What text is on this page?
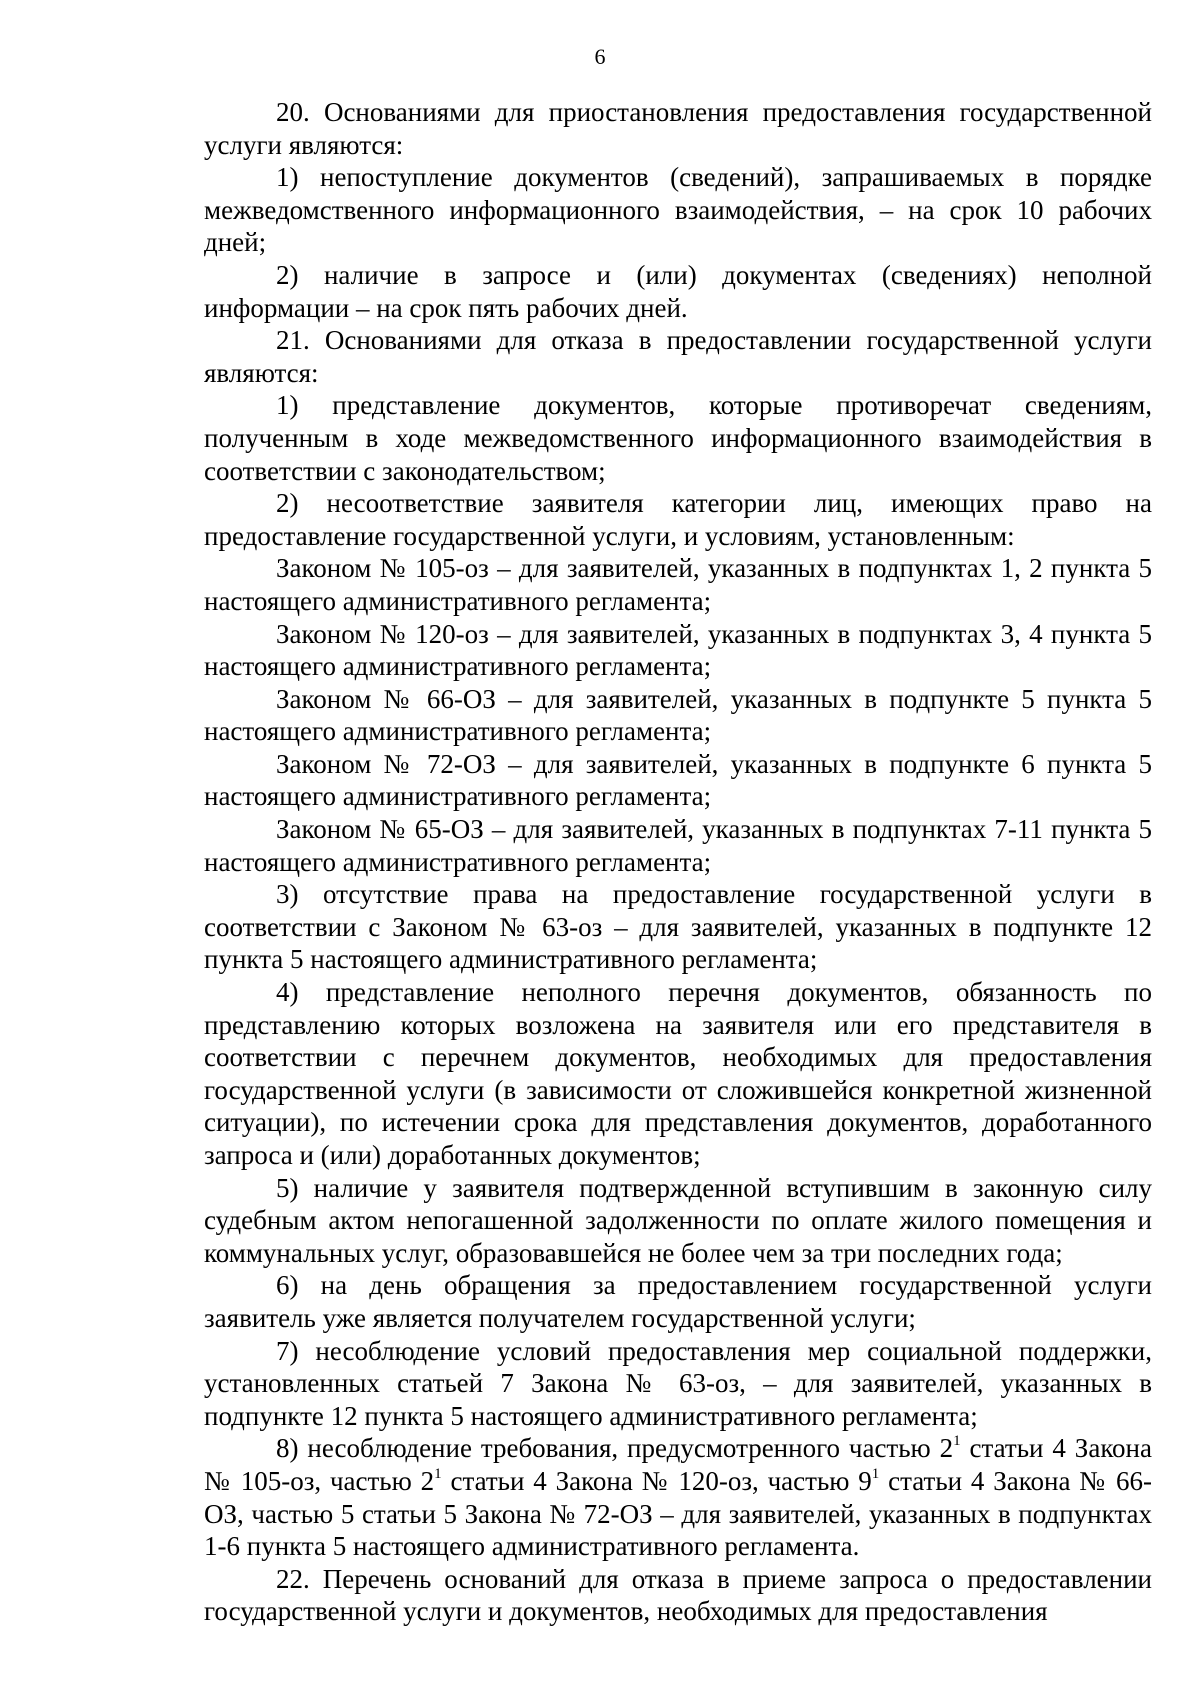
6

20. Основаниями для приостановления предоставления государственной услуги являются:

1) непоступление документов (сведений), запрашиваемых в порядке межведомственного информационного взаимодействия, – на срок 10 рабочих дней;

2) наличие в запросе и (или) документах (сведениях) неполной информации – на срок пять рабочих дней.

21. Основаниями для отказа в предоставлении государственной услуги являются:

1) представление документов, которые противоречат сведениям, полученным в ходе межведомственного информационного взаимодействия в соответствии с законодательством;

2) несоответствие заявителя категории лиц, имеющих право на предоставление государственной услуги, и условиям, установленным:

Законом № 105-оз – для заявителей, указанных в подпунктах 1, 2 пункта 5 настоящего административного регламента;

Законом № 120-оз – для заявителей, указанных в подпунктах 3, 4 пункта 5 настоящего административного регламента;

Законом № 66-ОЗ – для заявителей, указанных в подпункте 5 пункта 5 настоящего административного регламента;

Законом № 72-ОЗ – для заявителей, указанных в подпункте 6 пункта 5 настоящего административного регламента;

Законом № 65-ОЗ – для заявителей, указанных в подпунктах 7-11 пункта 5 настоящего административного регламента;

3) отсутствие права на предоставление государственной услуги в соответствии с Законом № 63-оз – для заявителей, указанных в подпункте 12 пункта 5 настоящего административного регламента;

4) представление неполного перечня документов, обязанность по представлению которых возложена на заявителя или его представителя в соответствии с перечнем документов, необходимых для предоставления государственной услуги (в зависимости от сложившейся конкретной жизненной ситуации), по истечении срока для представления документов, доработанного запроса и (или) доработанных документов;

5) наличие у заявителя подтвержденной вступившим в законную силу судебным актом непогашенной задолженности по оплате жилого помещения и коммунальных услуг, образовавшейся не более чем за три последних года;

6) на день обращения за предоставлением государственной услуги заявитель уже является получателем государственной услуги;

7) несоблюдение условий предоставления мер социальной поддержки, установленных статьей 7 Закона № 63-оз, – для заявителей, указанных в подпункте 12 пункта 5 настоящего административного регламента;

8) несоблюдение требования, предусмотренного частью $2^1$ статьи 4 Закона № 105-оз, частью $2^1$ статьи 4 Закона № 120-оз, частью $9^1$ статьи 4 Закона № 66-ОЗ, частью 5 статьи 5 Закона № 72-ОЗ – для заявителей, указанных в подпунктах 1-6 пункта 5 настоящего административного регламента.

22. Перечень оснований для отказа в приеме запроса о предоставлении государственной услуги и документов, необходимых для предоставления
